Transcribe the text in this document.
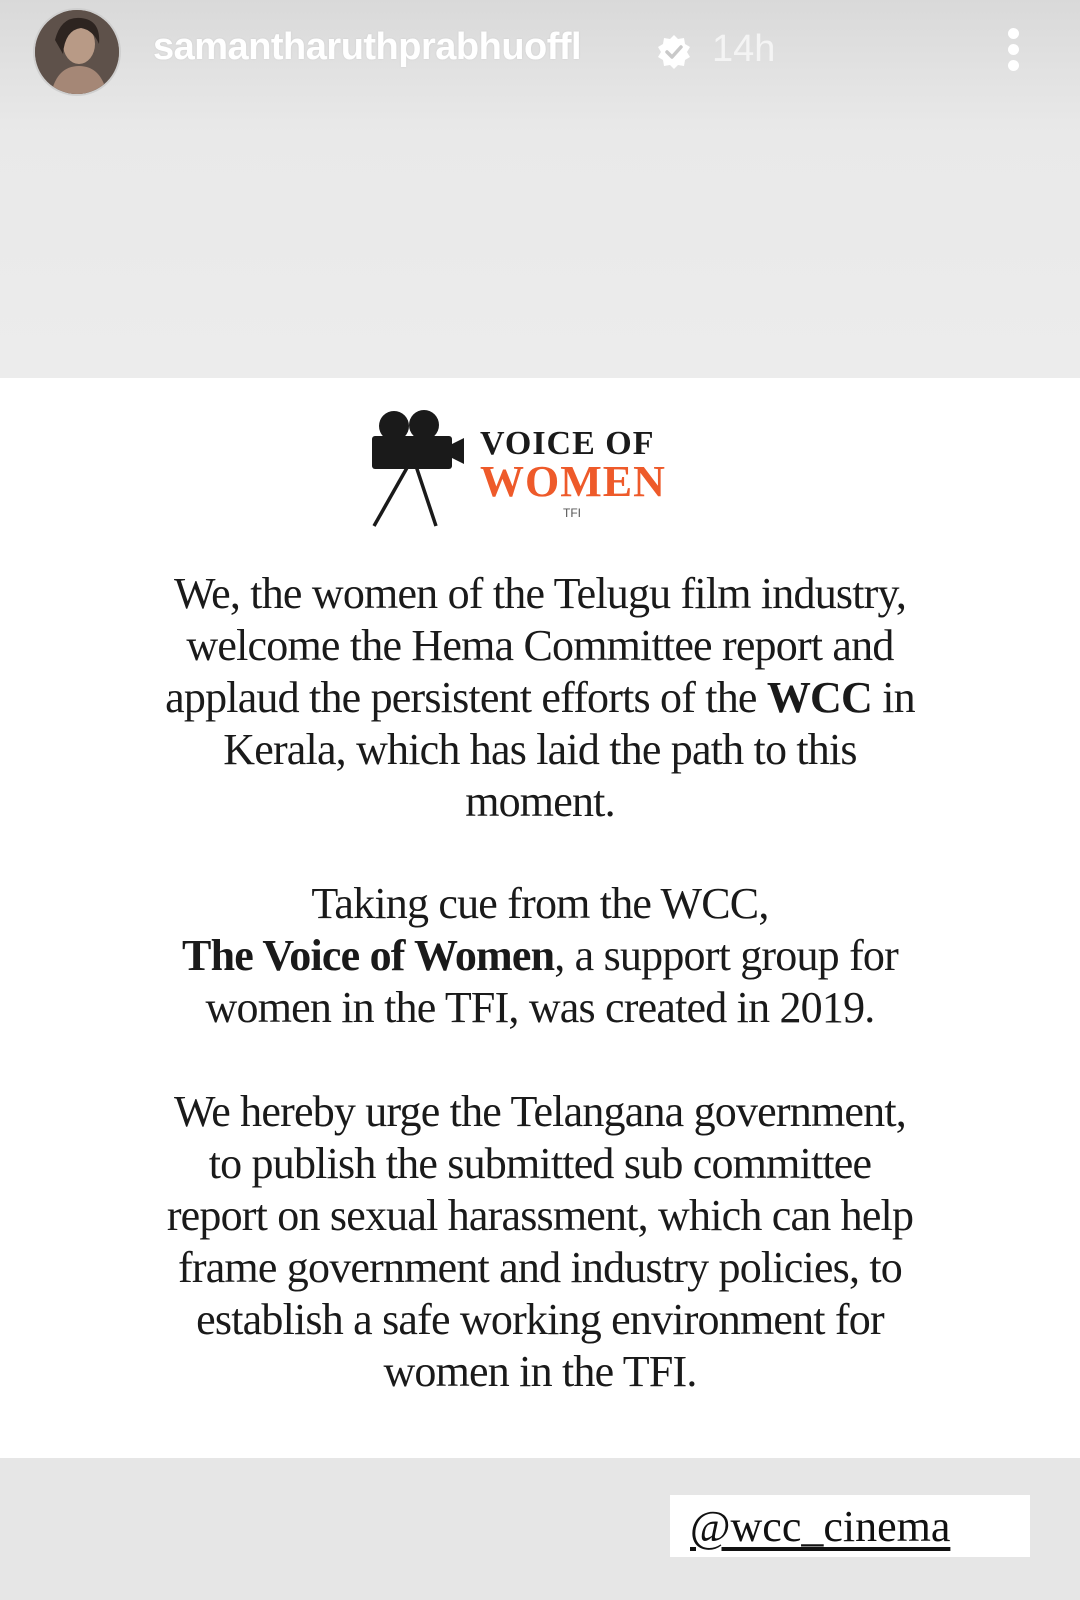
samantharuthprabhuoffl	14h
VOICE OF
WOMEN
TFI

We, the women of the Telugu film industry,
welcome the Hema Committee report and
applaud the persistent efforts of the WCC in
Kerala, which has laid the path to this
moment.

Taking cue from the WCC,
The Voice of Women, a support group for
women in the TFI, was created in 2019.

We hereby urge the Telangana government,
to publish the submitted sub committee
report on sexual harassment, which can help
frame government and industry policies, to
establish a safe working environment for
women in the TFI.

@wcc_cinema
